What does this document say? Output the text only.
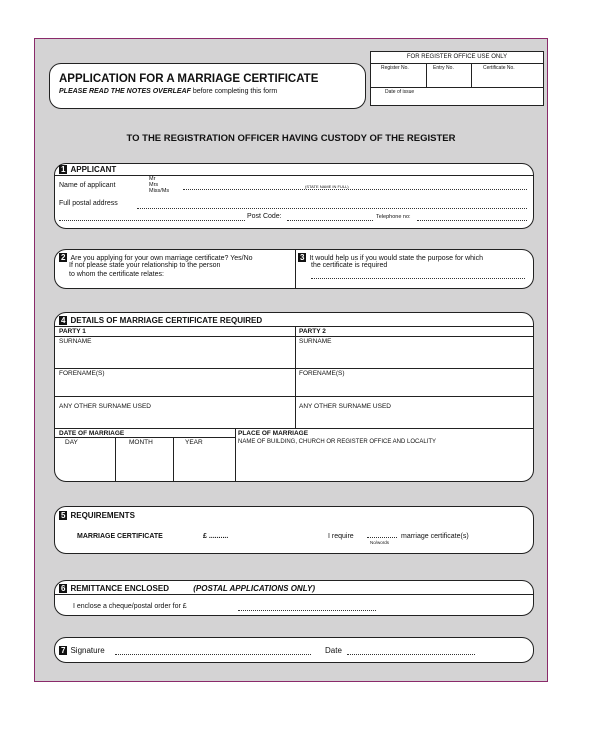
FOR REGISTER OFFICE USE ONLY
Register No.	Entry No.	Certificate No.
Date of issue
APPLICATION FOR A MARRIAGE CERTIFICATE
PLEASE READ THE NOTES OVERLEAF before completing this form
TO THE REGISTRATION OFFICER HAVING CUSTODY OF THE REGISTER
1 APPLICANT
Name of applicant
Mr
Mrs
Miss/Ms
(STATE NAME IN FULL)
Full postal address
Post Code:	Telephone no:
2 Are you applying for your own marriage certificate? Yes/No
If not please state your relationship to the person
to whom the certificate relates:
3 It would help us if you would state the purpose for which
the certificate is required
4 DETAILS OF MARRIAGE CERTIFICATE REQUIRED
PARTY 1	PARTY 2
SURNAME	SURNAME
FORENAME(S)	FORENAME(S)
ANY OTHER SURNAME USED	ANY OTHER SURNAME USED
DATE OF MARRIAGE	PLACE OF MARRIAGE
DAY	MONTH	YEAR	NAME OF BUILDING, CHURCH OR REGISTER OFFICE AND LOCALITY
5 REQUIREMENTS
MARRIAGE CERTIFICATE	£ ..........	I require
No/words
marriage certificate(s)
6 REMITTANCE ENCLOSED	(POSTAL APPLICATIONS ONLY)
I enclose a cheque/postal order for £
7 Signature	Date
